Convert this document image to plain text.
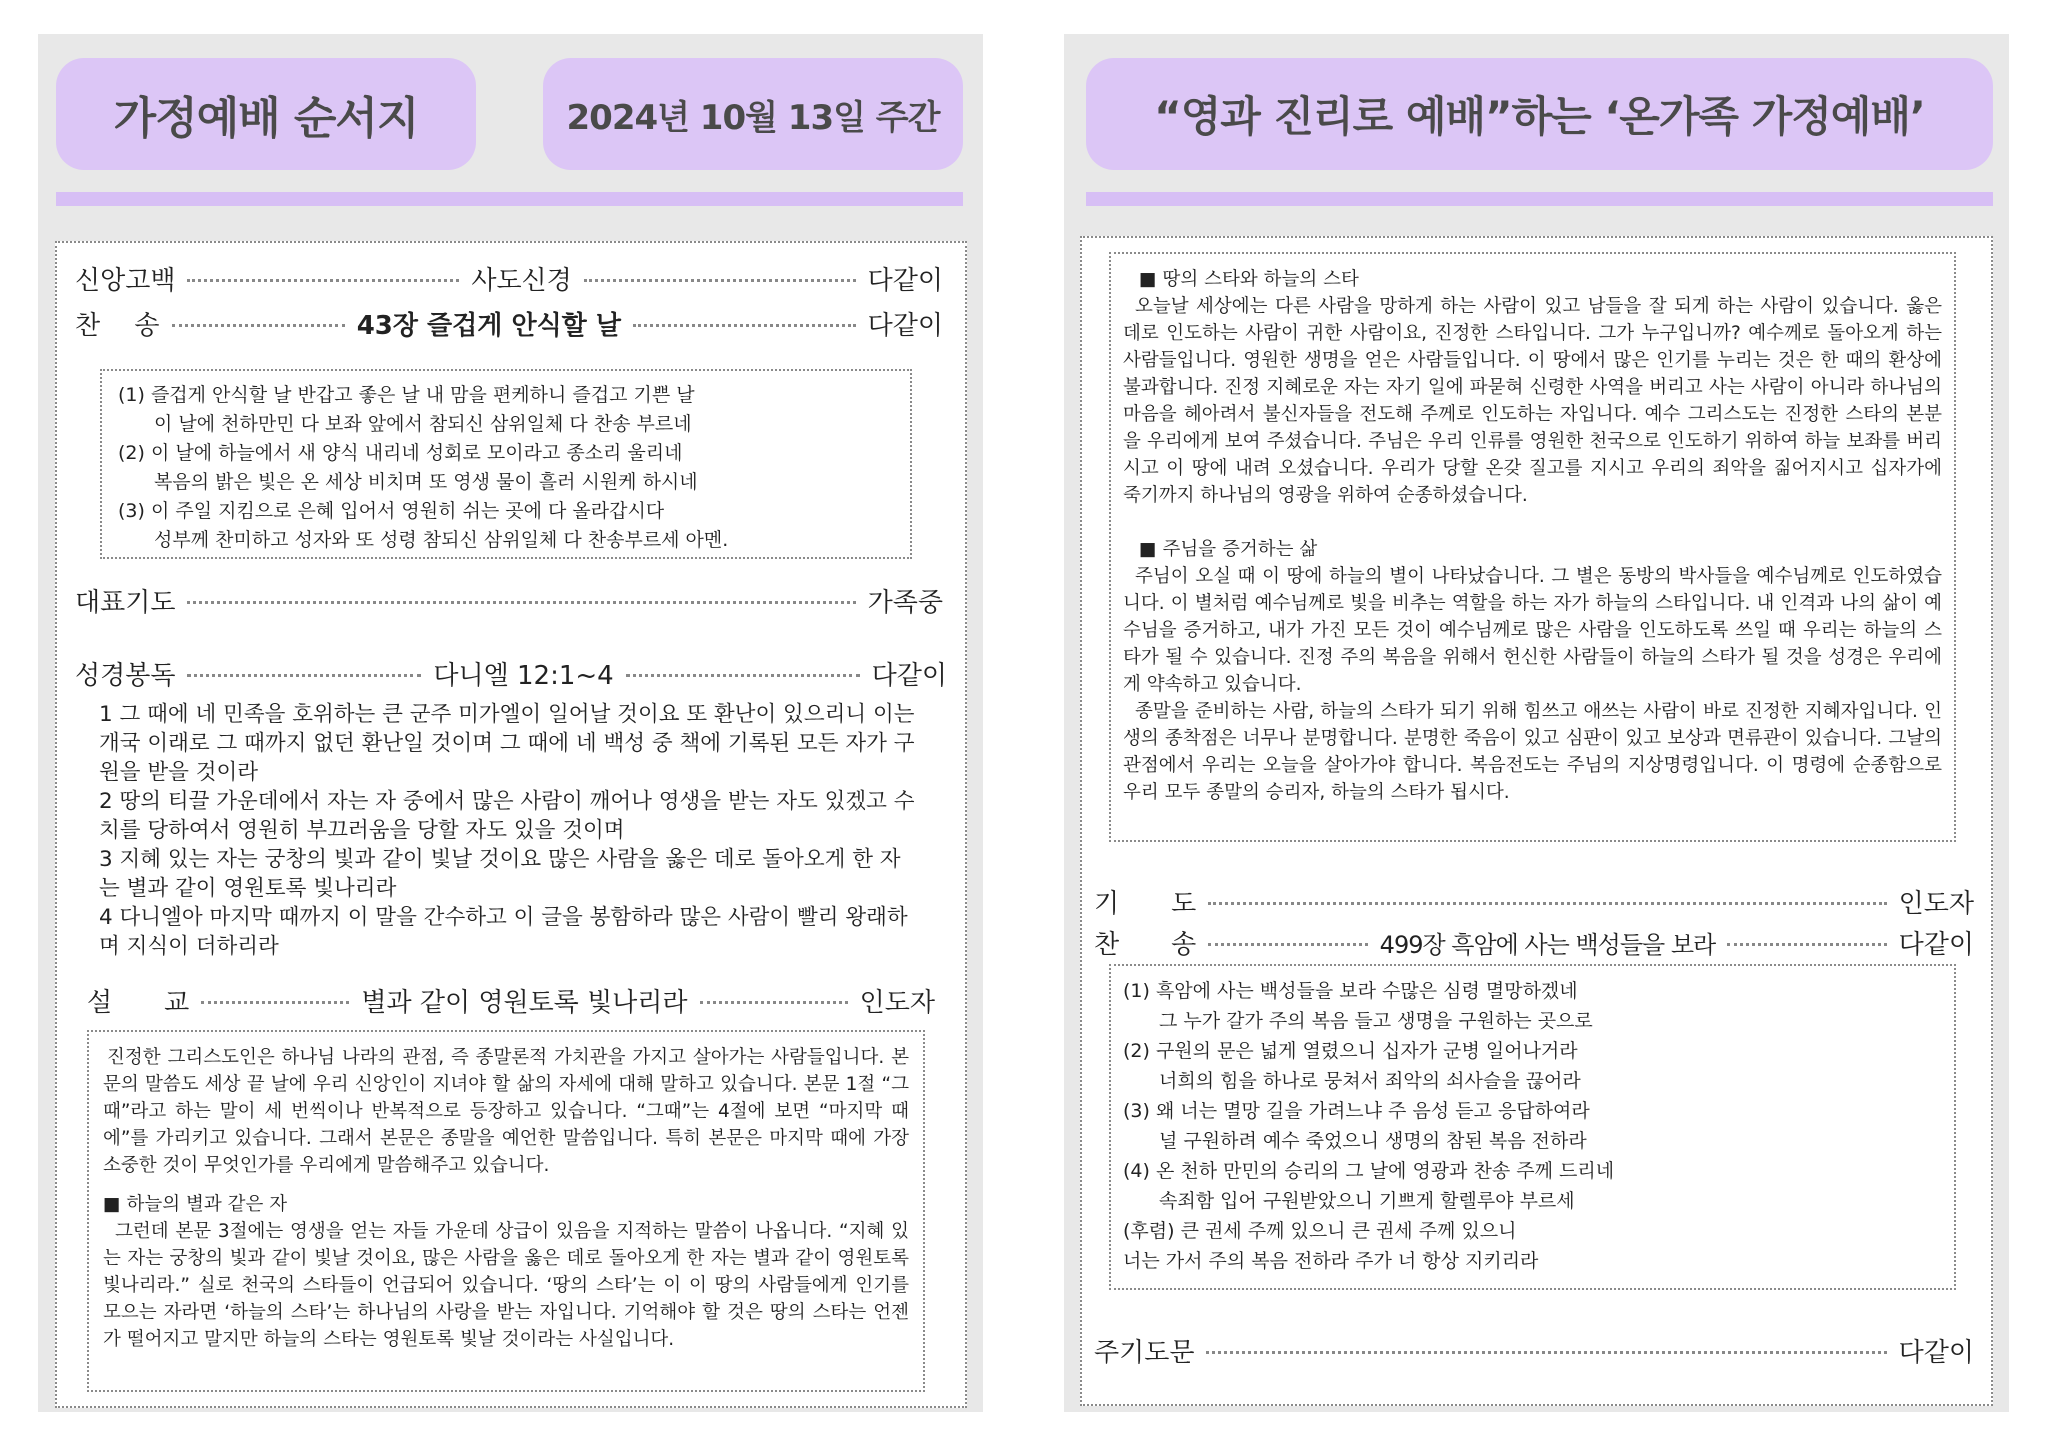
가정예배 순서지	2024년 10월 13일 주간
신앙고백	사도신경	다같이
찬　 송	43장 즐겁게 안식할 날	다같이
(1) 즐겁게 안식할 날 반갑고 좋은 날 내 맘을 편케하니 즐겁고 기쁜 날
이 날에 천하만민 다 보좌 앞에서 참되신 삼위일체 다 찬송 부르네
(2) 이 날에 하늘에서 새 양식 내리네 성회로 모이라고 종소리 울리네
복음의 밝은 빛은 온 세상 비치며 또 영생 물이 흘러 시원케 하시네
(3) 이 주일 지킴으로 은혜 입어서 영원히 쉬는 곳에 다 올라갑시다
성부께 찬미하고 성자와 또 성령 참되신 삼위일체 다 찬송부르세 아멘.
대표기도	가족중
성경봉독	다니엘 12:1~4	다같이
1 그 때에 네 민족을 호위하는 큰 군주 미가엘이 일어날 것이요 또 환난이 있으리니 이는 개국 이래로 그 때까지 없던 환난일 것이며 그 때에 네 백성 중 책에 기록된 모든 자가 구원을 받을 것이라
2 땅의 티끌 가운데에서 자는 자 중에서 많은 사람이 깨어나 영생을 받는 자도 있겠고 수치를 당하여서 영원히 부끄러움을 당할 자도 있을 것이며
3 지혜 있는 자는 궁창의 빛과 같이 빛날 것이요 많은 사람을 옳은 데로 돌아오게 한 자는 별과 같이 영원토록 빛나리라
4 다니엘아 마지막 때까지 이 말을 간수하고 이 글을 봉함하라 많은 사람이 빨리 왕래하며 지식이 더하리라
설　　교	별과 같이 영원토록 빛나리라	인도자
진정한 그리스도인은 하나님 나라의 관점, 즉 종말론적 가치관을 가지고 살아가는 사람들입니다. 본문의 말씀도 세상 끝 날에 우리 신앙인이 지녀야 할 삶의 자세에 대해 말하고 있습니다. 본문 1절 “그때”라고 하는 말이 세 번씩이나 반복적으로 등장하고 있습니다. “그때”는 4절에 보면 “마지막 때에”를 가리키고 있습니다. 그래서 본문은 종말을 예언한 말씀입니다. 특히 본문은 마지막 때에 가장 소중한 것이 무엇인가를 우리에게 말씀해주고 있습니다.
■ 하늘의 별과 같은 자
그런데 본문 3절에는 영생을 얻는 자들 가운데 상급이 있음을 지적하는 말씀이 나옵니다. “지혜 있는 자는 궁창의 빛과 같이 빛날 것이요, 많은 사람을 옳은 데로 돌아오게 한 자는 별과 같이 영원토록 빛나리라.” 실로 천국의 스타들이 언급되어 있습니다. ‘땅의 스타’는 이 이 땅의 사람들에게 인기를 모으는 자라면 ‘하늘의 스타’는 하나님의 사랑을 받는 자입니다. 기억해야 할 것은 땅의 스타는 언젠가 떨어지고 말지만 하늘의 스타는 영원토록 빛날 것이라는 사실입니다.
“영과 진리로 예배”하는 ‘온가족 가정예배’
■ 땅의 스타와 하늘의 스타
오늘날 세상에는 다른 사람을 망하게 하는 사람이 있고 남들을 잘 되게 하는 사람이 있습니다. 옳은 데로 인도하는 사람이 귀한 사람이요, 진정한 스타입니다. 그가 누구입니까? 예수께로 돌아오게 하는 사람들입니다. 영원한 생명을 얻은 사람들입니다. 이 땅에서 많은 인기를 누리는 것은 한 때의 환상에 불과합니다. 진정 지혜로운 자는 자기 일에 파묻혀 신령한 사역을 버리고 사는 사람이 아니라 하나님의 마음을 헤아려서 불신자들을 전도해 주께로 인도하는 자입니다. 예수 그리스도는 진정한 스타의 본분을 우리에게 보여 주셨습니다. 주님은 우리 인류를 영원한 천국으로 인도하기 위하여 하늘 보좌를 버리시고 이 땅에 내려 오셨습니다. 우리가 당할 온갖 질고를 지시고 우리의 죄악을 짊어지시고 십자가에 죽기까지 하나님의 영광을 위하여 순종하셨습니다.
■ 주님을 증거하는 삶
주님이 오실 때 이 땅에 하늘의 별이 나타났습니다. 그 별은 동방의 박사들을 예수님께로 인도하였습니다. 이 별처럼 예수님께로 빛을 비추는 역할을 하는 자가 하늘의 스타입니다. 내 인격과 나의 삶이 예수님을 증거하고, 내가 가진 모든 것이 예수님께로 많은 사람을 인도하도록 쓰일 때 우리는 하늘의 스타가 될 수 있습니다. 진정 주의 복음을 위해서 헌신한 사람들이 하늘의 스타가 될 것을 성경은 우리에게 약속하고 있습니다.
종말을 준비하는 사람, 하늘의 스타가 되기 위해 힘쓰고 애쓰는 사람이 바로 진정한 지혜자입니다. 인생의 종착점은 너무나 분명합니다. 분명한 죽음이 있고 심판이 있고 보상과 면류관이 있습니다. 그날의 관점에서 우리는 오늘을 살아가야 합니다. 복음전도는 주님의 지상명령입니다. 이 명령에 순종함으로 우리 모두 종말의 승리자, 하늘의 스타가 됩시다.
기　　도	인도자
찬　　송	499장 흑암에 사는 백성들을 보라	다같이
(1) 흑암에 사는 백성들을 보라 수많은 심령 멸망하겠네
그 누가 갈가 주의 복음 들고 생명을 구원하는 곳으로
(2) 구원의 문은 넓게 열렸으니 십자가 군병 일어나거라
너희의 힘을 하나로 뭉쳐서 죄악의 쇠사슬을 끊어라
(3) 왜 너는 멸망 길을 가려느냐 주 음성 듣고 응답하여라
널 구원하려 예수 죽었으니 생명의 참된 복음 전하라
(4) 온 천하 만민의 승리의 그 날에 영광과 찬송 주께 드리네
속죄함 입어 구원받았으니 기쁘게 할렐루야 부르세
(후렴) 큰 권세 주께 있으니 큰 권세 주께 있으니
너는 가서 주의 복음 전하라 주가 너 항상 지키리라
주기도문	다같이
